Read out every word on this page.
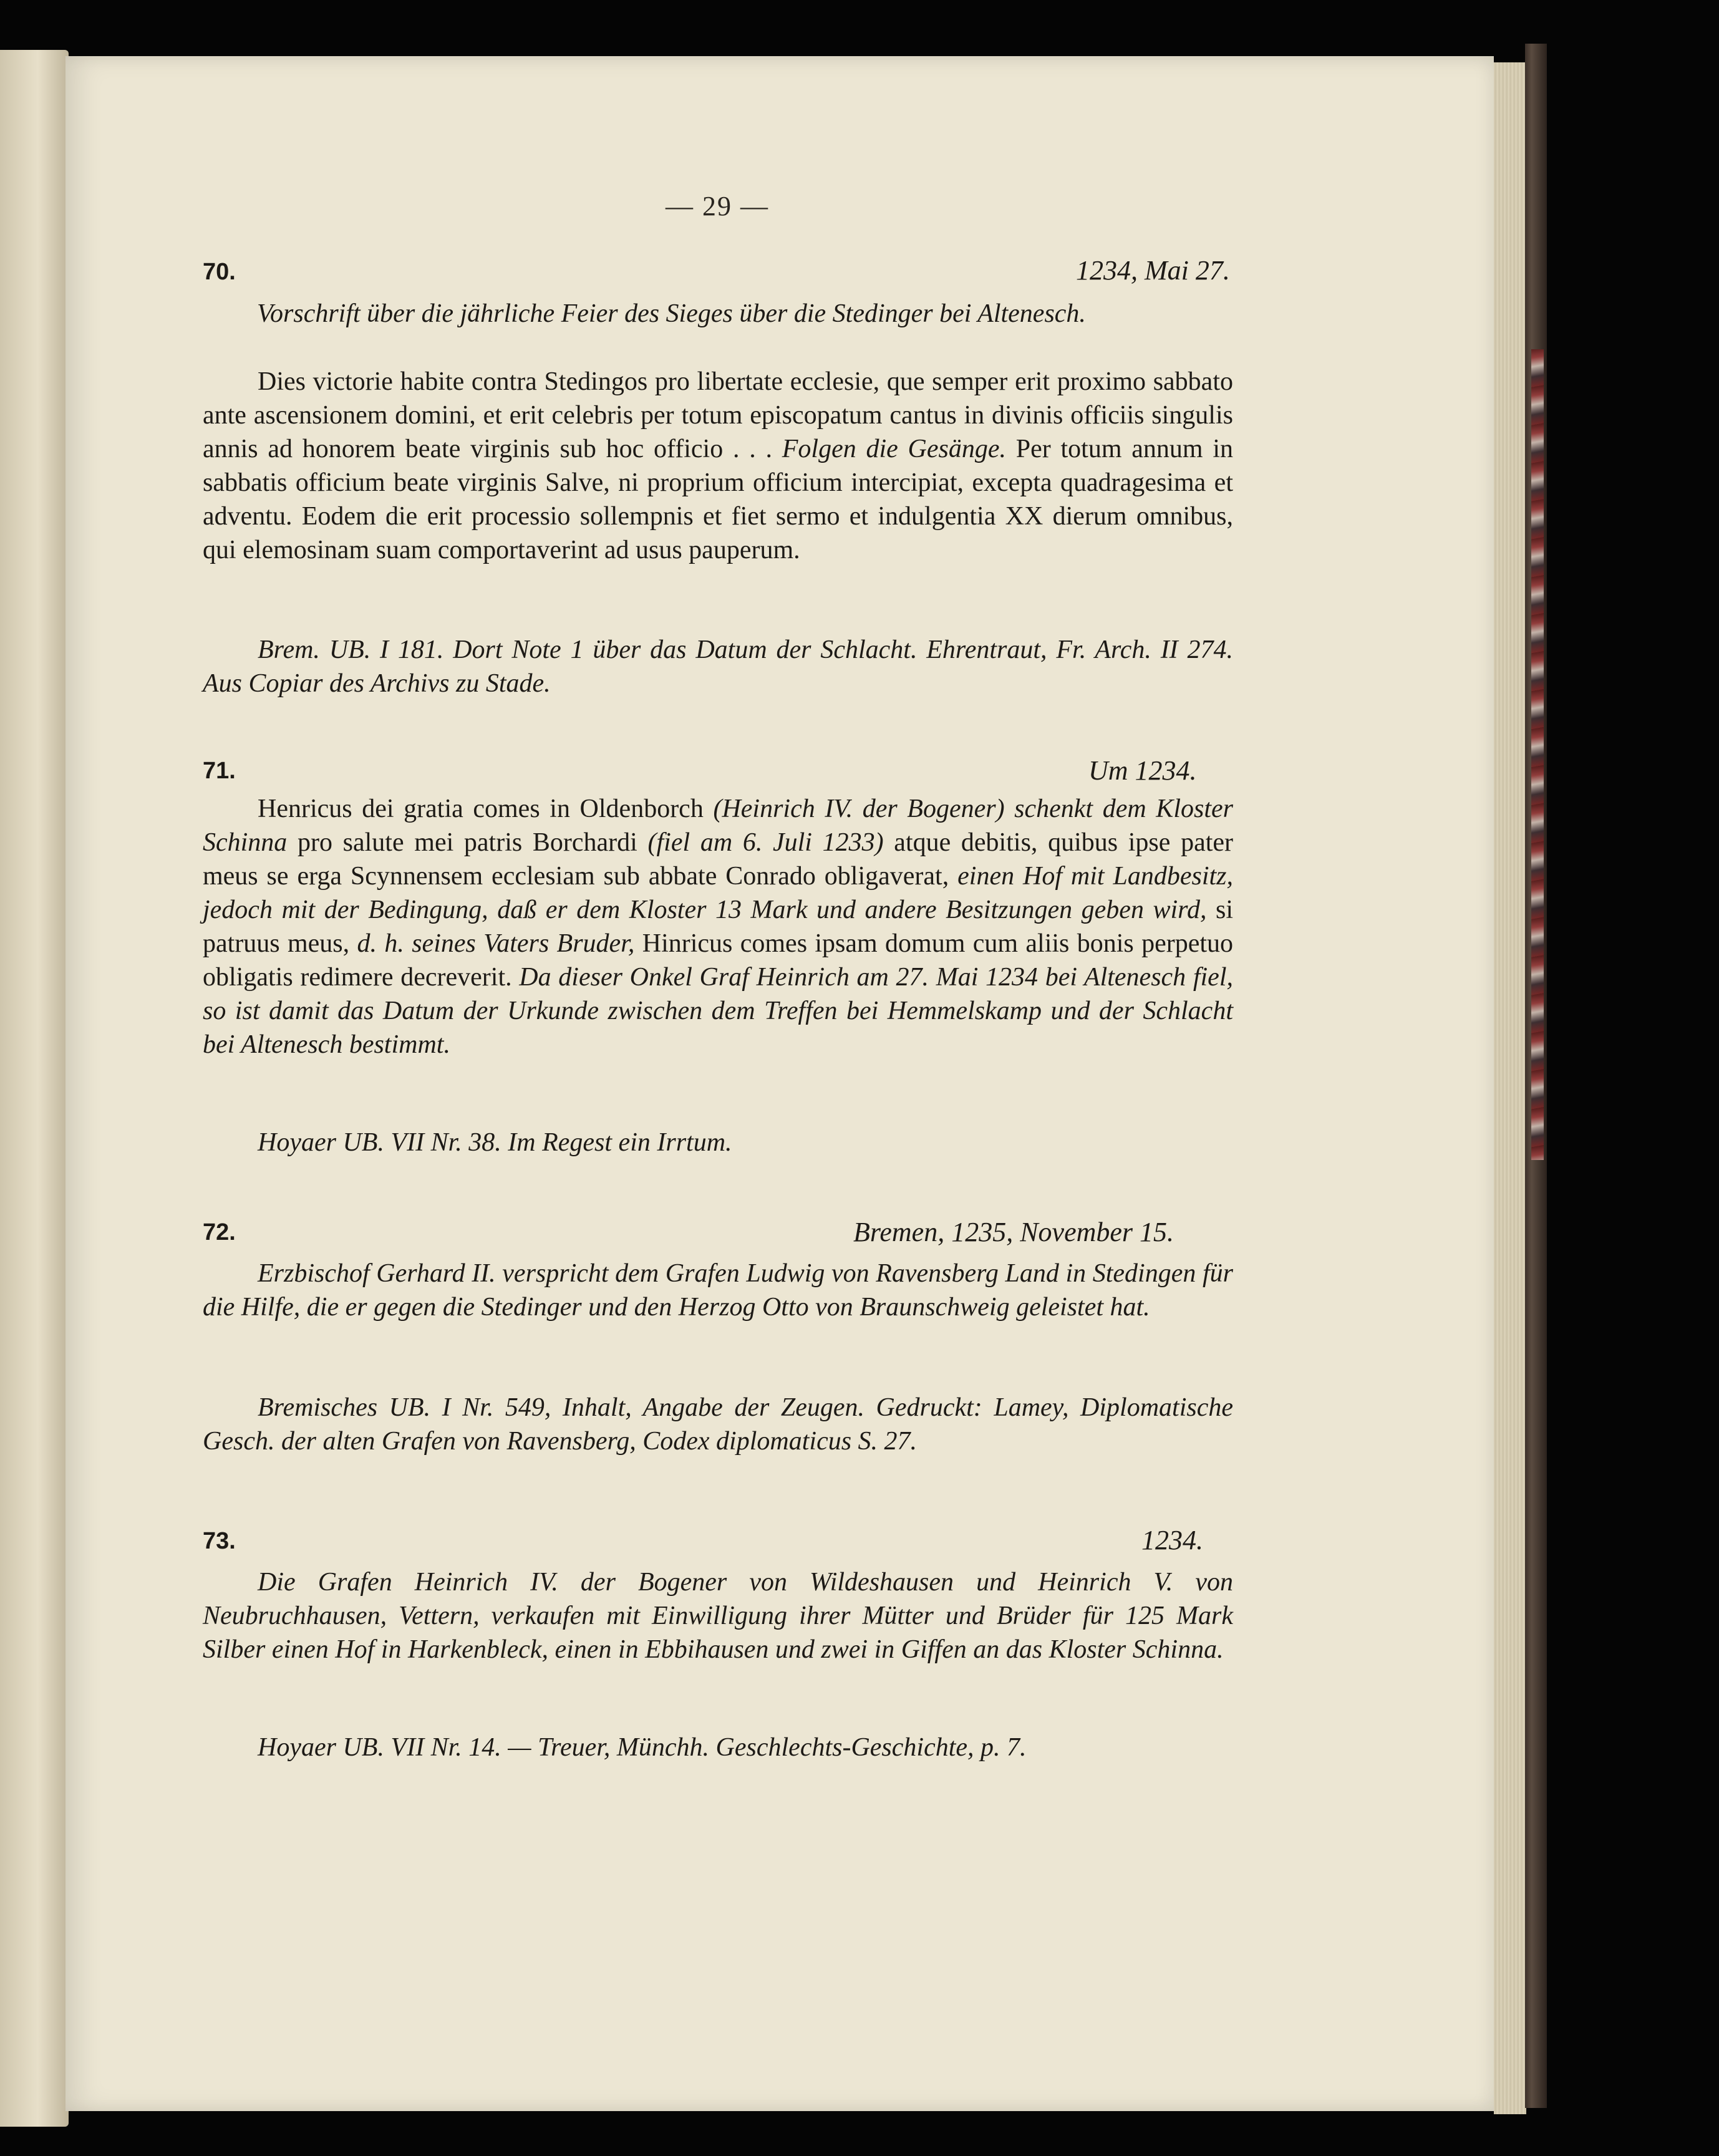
— 29 —
70.	1234, Mai 27.

Vorschrift über die jährliche Feier des Sieges über die Stedinger bei Altenesch.

Dies victorie habite contra Stedingos pro libertate ecclesie, que semper erit proximo sabbato ante ascensionem domini, et erit celebris per totum episcopatum cantus in divinis officiis singulis annis ad honorem beate virginis sub hoc officio . . . Folgen die Gesänge. Per totum annum in sabbatis officium beate virginis Salve, ni proprium officium intercipiat, excepta quadragesima et adventu. Eodem die erit processio sollempnis et fiet sermo et indulgentia XX dierum omnibus, qui elemosinam suam comportaverint ad usus pauperum.

Brem. UB. I 181. Dort Note 1 über das Datum der Schlacht. Ehrentraut, Fr. Arch. II 274. Aus Copiar des Archivs zu Stade.

71.	Um 1234.

Henricus dei gratia comes in Oldenborch (Heinrich IV. der Bogener) schenkt dem Kloster Schinna pro salute mei patris Borchardi (fiel am 6. Juli 1233) atque debitis, quibus ipse pater meus se erga Scynnensem ecclesiam sub abbate Conrado obligaverat, einen Hof mit Landbesitz, jedoch mit der Bedingung, daß er dem Kloster 13 Mark und andere Besitzungen geben wird, si patruus meus, d. h. seines Vaters Bruder, Hinricus comes ipsam domum cum aliis bonis perpetuo obligatis redimere decreverit. Da dieser Onkel Graf Heinrich am 27. Mai 1234 bei Altenesch fiel, so ist damit das Datum der Urkunde zwischen dem Treffen bei Hemmelskamp und der Schlacht bei Altenesch bestimmt.

Hoyaer UB. VII Nr. 38. Im Regest ein Irrtum.

72.	Bremen, 1235, November 15.

Erzbischof Gerhard II. verspricht dem Grafen Ludwig von Ravensberg Land in Stedingen für die Hilfe, die er gegen die Stedinger und den Herzog Otto von Braunschweig geleistet hat.

Bremisches UB. I Nr. 549, Inhalt, Angabe der Zeugen. Gedruckt: Lamey, Diplomatische Gesch. der alten Grafen von Ravensberg, Codex diplomaticus S. 27.

73.	1234.

Die Grafen Heinrich IV. der Bogener von Wildeshausen und Heinrich V. von Neubruchhausen, Vettern, verkaufen mit Einwilligung ihrer Mütter und Brüder für 125 Mark Silber einen Hof in Harkenbleck, einen in Ebbihausen und zwei in Giffen an das Kloster Schinna.

Hoyaer UB. VII Nr. 14. — Treuer, Münchh. Geschlechts-Geschichte, p. 7.
